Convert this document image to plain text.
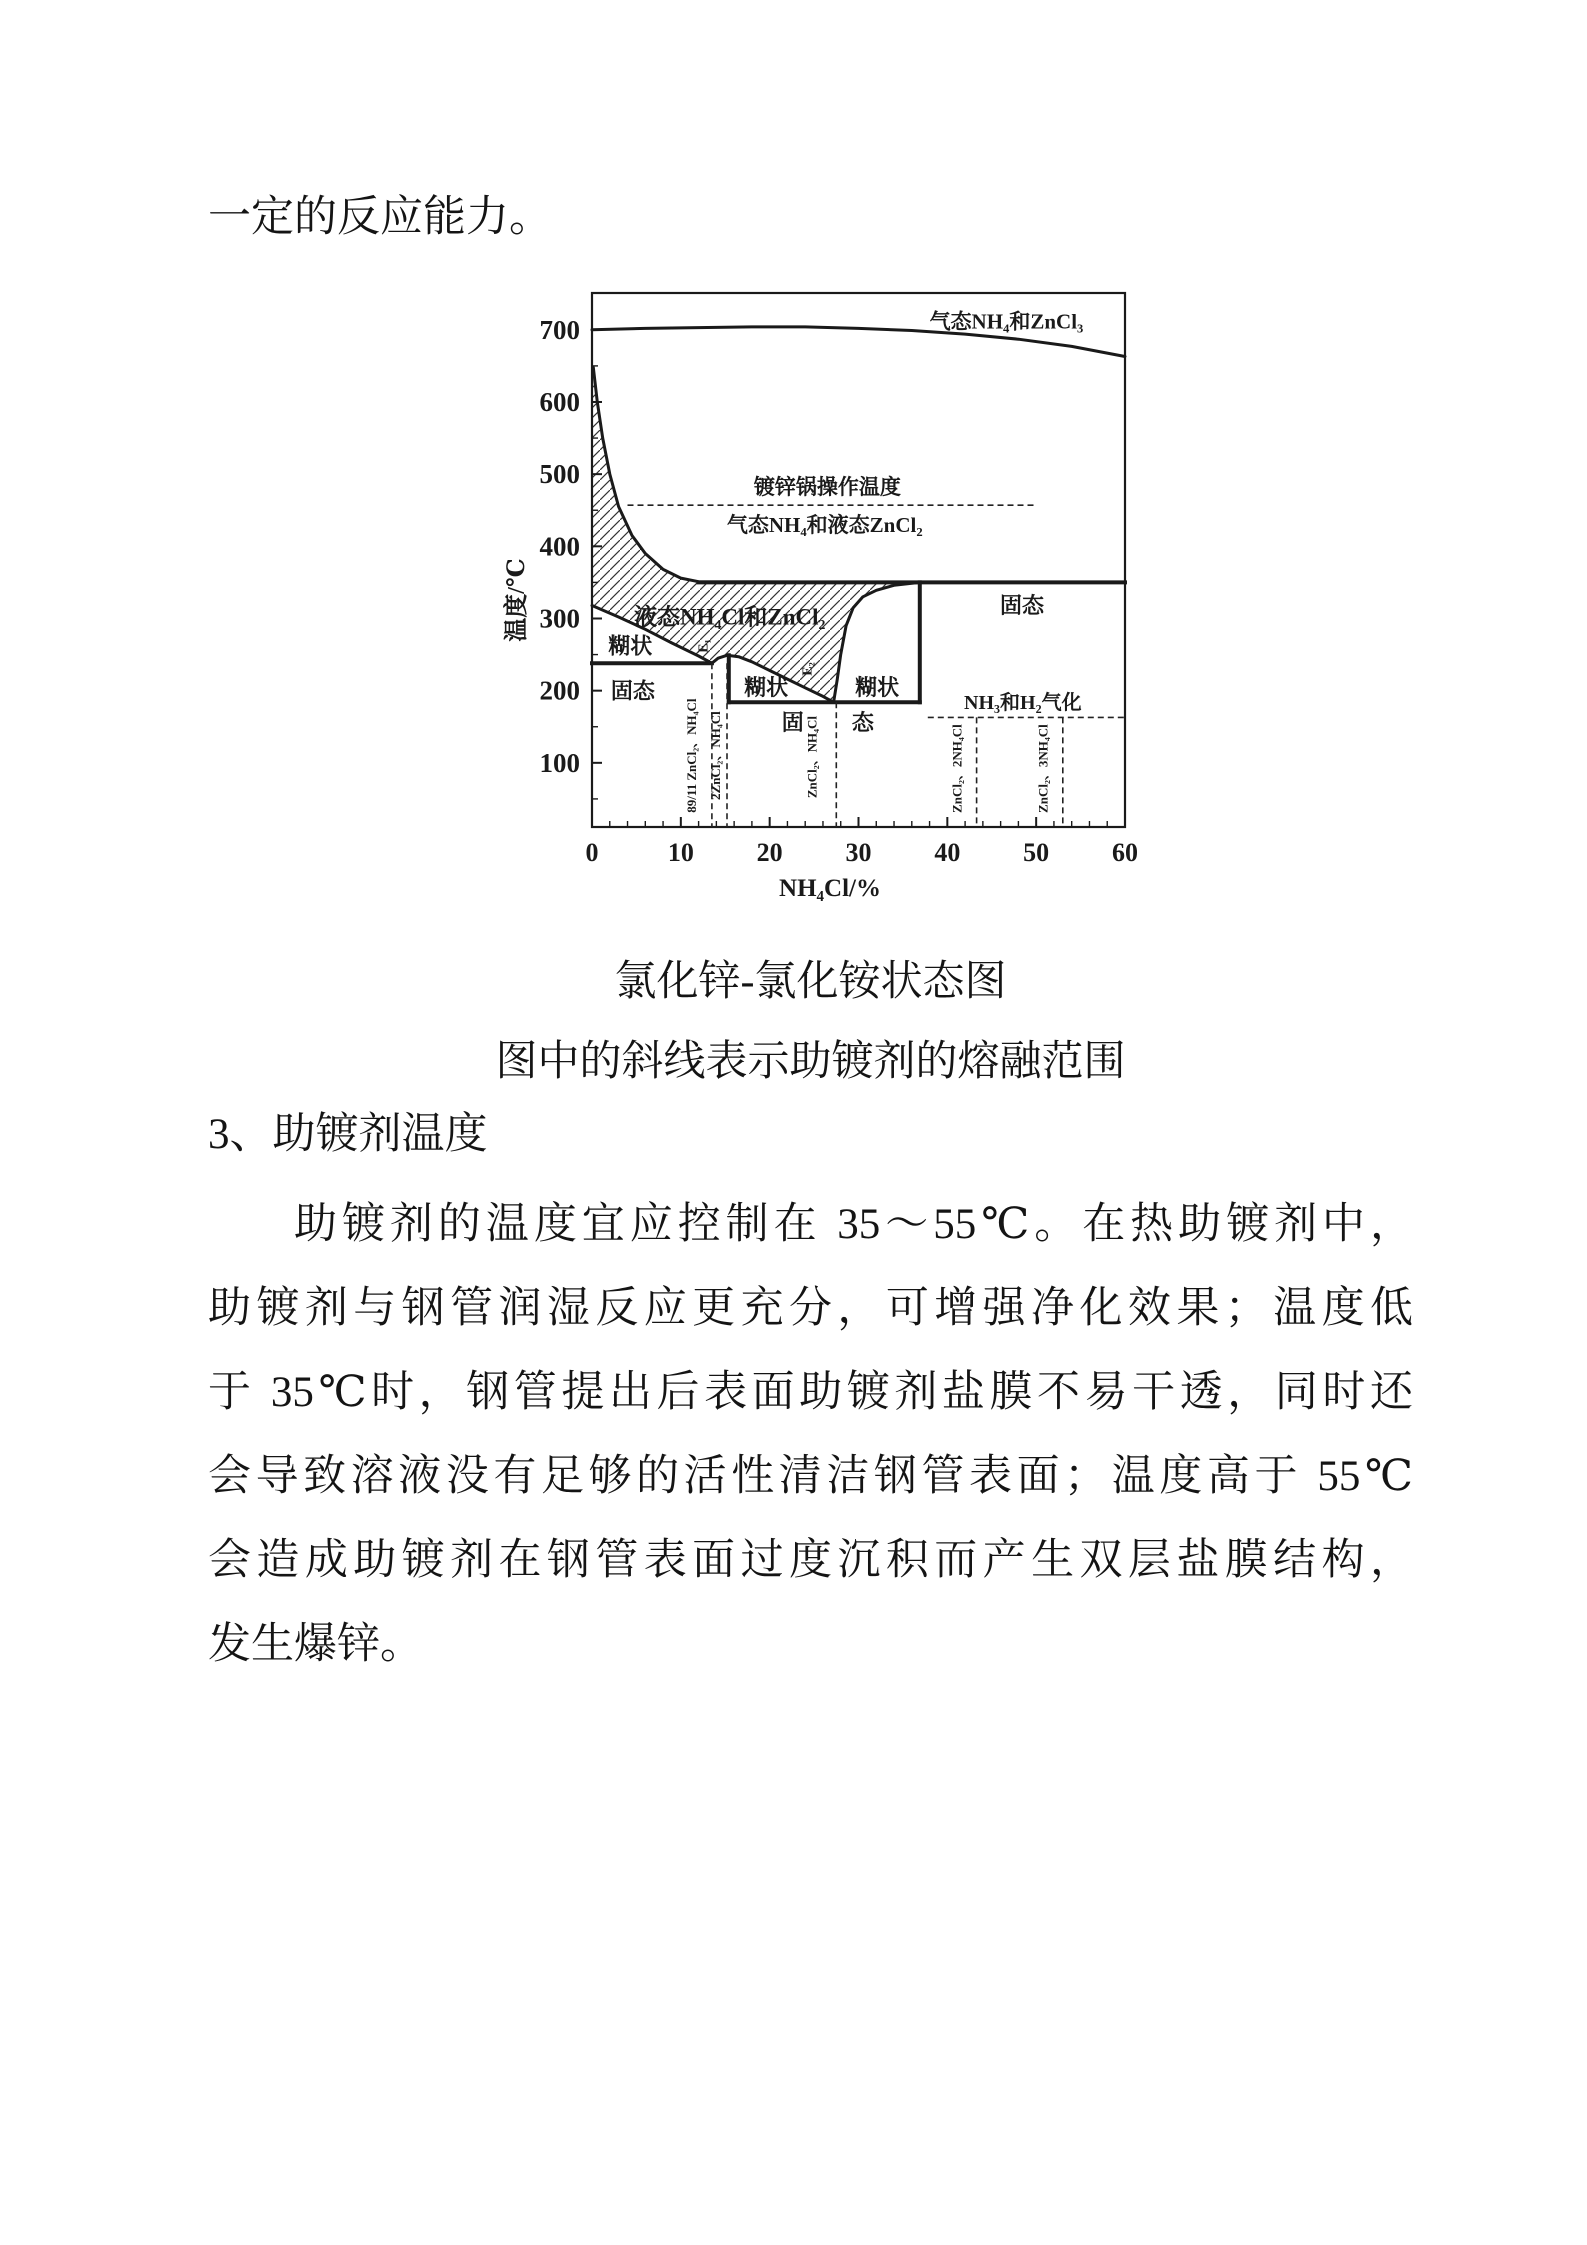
一定的反应能力。
0	10 20 30 40 50 60
100
200
300
400
500
600
700
温度/℃
NH₄Cl/%
气态NH₄和ZnCl₃
镀锌锅操作温度
气态NH₄和液态ZnCl₂
液态NH₄Cl和ZnCl₂
糊状
固态	糊状	糊状
固 态
固态
NH₃和H₂气化
89/11 ZnCl₂、NH₄Cl 2ZnCl₂、NH₄Cl	ZnCl₂、NH₄Cl	ZnCl₂、2NH₄Cl	ZnCl₂、3NH₄Cl
E₁
E₂
氯化锌-氯化铵状态图
图中的斜线表示助镀剂的熔融范围
3、助镀剂温度
助镀剂的温度宜应控制在 35～55℃。在热助镀剂中，
助镀剂与钢管润湿反应更充分，可增强净化效果；温度低
于 35℃时，钢管提出后表面助镀剂盐膜不易干透，同时还
会导致溶液没有足够的活性清洁钢管表面；温度高于 55℃
会造成助镀剂在钢管表面过度沉积而产生双层盐膜结构，
发生爆锌。
